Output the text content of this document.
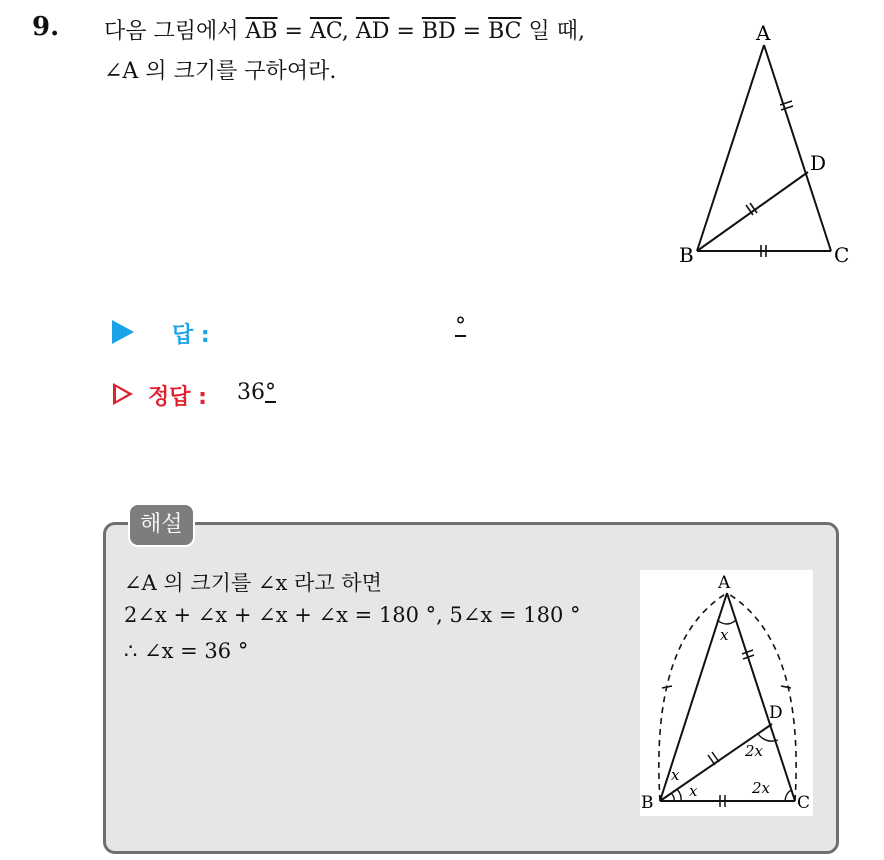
9. 다음 그림에서 $\overline{AB} = \overline{AC}$, $\overline{AD} = \overline{BD} = \overline{BC}$ 일 때,
∠A 의 크기를 구하여라.
A
B	C
D
답 :	°
정답 : 36°
해설
∠A 의 크기를 ∠x 라고 하면
2∠x + ∠x + ∠x + ∠x = 180 °, 5∠x = 180 °
∴ ∠x = 36 °
A
B	C
D
x
x
x
2x
2x
